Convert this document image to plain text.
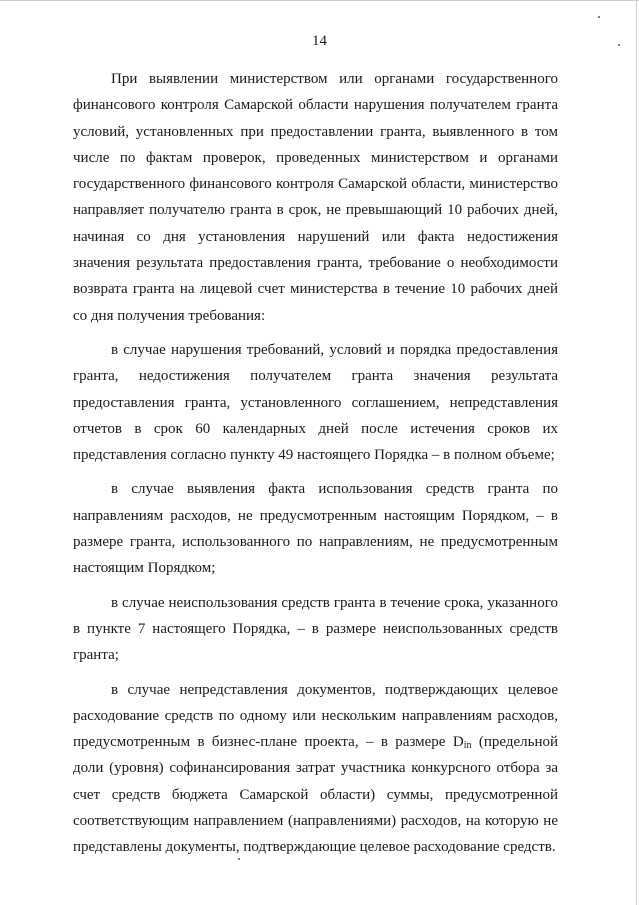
14

При выявлении министерством или органами государственного финансового контроля Самарской области нарушения получателем гранта условий, установленных при предоставлении гранта, выявленного в том числе по фактам проверок, проведенных министерством и органами государственного финансового контроля Самарской области, министерство направляет получателю гранта в срок, не превышающий 10 рабочих дней, начиная со дня установления нарушений или факта недостижения значения результата предоставления гранта, требование о необходимости возврата гранта на лицевой счет министерства в течение 10 рабочих дней со дня получения требования:

в случае нарушения требований, условий и порядка предоставления гранта, недостижения получателем гранта значения результата предоставления гранта, установленного соглашением, непредставления отчетов в срок 60 календарных дней после истечения сроков их представления согласно пункту 49 настоящего Порядка – в полном объеме;

в случае выявления факта использования средств гранта по направлениям расходов, не предусмотренным настоящим Порядком, – в размере гранта, использованного по направлениям, не предусмотренным настоящим Порядком;

в случае неиспользования средств гранта в течение срока, указанного в пункте 7 настоящего Порядка, – в размере неиспользованных средств гранта;

в случае непредставления документов, подтверждающих целевое расходование средств по одному или нескольким направлениям расходов, предусмотренным в бизнес-плане проекта, – в размере $D_{in}$ (предельной доли (уровня) софинансирования затрат участника конкурсного отбора за счет средств бюджета Самарской области) суммы, предусмотренной соответствующим направлением (направлениями) расходов, на которую не представлены документы, подтверждающие целевое расходование средств.
